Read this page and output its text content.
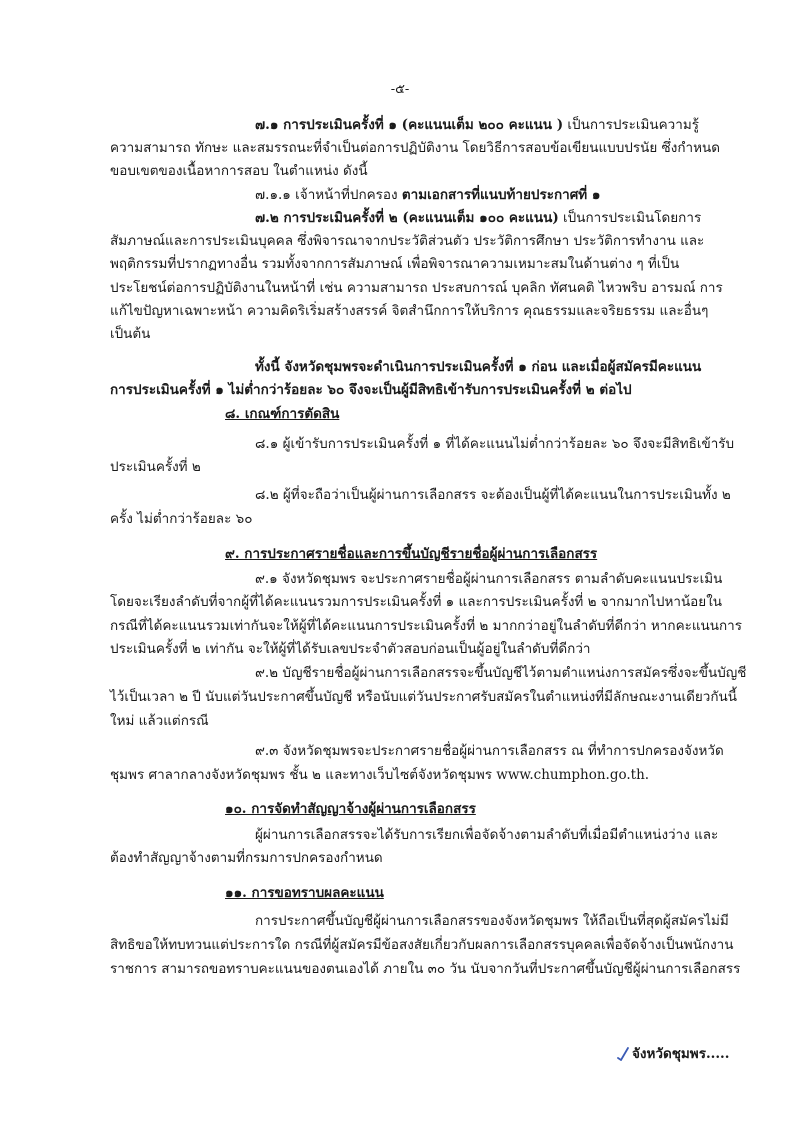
-๕-
๗.๑ การประเมินครั้งที่ ๑ (คะแนนเต็ม ๒๐๐ คะแนน ) เป็นการประเมินความรู้
ความสามารถ ทักษะ และสมรรถนะที่จำเป็นต่อการปฏิบัติงาน โดยวิธีการสอบข้อเขียนแบบปรนัย ซึ่งกำหนด
ขอบเขตของเนื้อหาการสอบ ในตำแหน่ง ดังนี้
๗.๑.๑ เจ้าหน้าที่ปกครอง ตามเอกสารที่แนบท้ายประกาศที่ ๑
๗.๒ การประเมินครั้งที่ ๒ (คะแนนเต็ม ๑๐๐ คะแนน) เป็นการประเมินโดยการ
สัมภาษณ์และการประเมินบุคคล ซึ่งพิจารณาจากประวัติส่วนตัว ประวัติการศึกษา ประวัติการทำงาน และ
พฤติกรรมที่ปรากฏทางอื่น รวมทั้งจากการสัมภาษณ์ เพื่อพิจารณาความเหมาะสมในด้านต่าง ๆ ที่เป็น
ประโยชน์ต่อการปฏิบัติงานในหน้าที่ เช่น ความสามารถ ประสบการณ์ บุคลิก ทัศนคติ ไหวพริบ อารมณ์ การ
แก้ไขปัญหาเฉพาะหน้า ความคิดริเริ่มสร้างสรรค์ จิตสำนึกการให้บริการ คุณธรรมและจริยธรรม และอื่นๆ
เป็นต้น
ทั้งนี้ จังหวัดชุมพรจะดำเนินการประเมินครั้งที่ ๑ ก่อน และเมื่อผู้สมัครมีคะแนน
การประเมินครั้งที่ ๑ ไม่ต่ำกว่าร้อยละ ๖๐ จึงจะเป็นผู้มีสิทธิเข้ารับการประเมินครั้งที่ ๒ ต่อไป
๘. เกณฑ์การตัดสิน
๘.๑ ผู้เข้ารับการประเมินครั้งที่ ๑ ที่ได้คะแนนไม่ต่ำกว่าร้อยละ ๖๐ จึงจะมีสิทธิเข้ารับ
ประเมินครั้งที่ ๒
๘.๒ ผู้ที่จะถือว่าเป็นผู้ผ่านการเลือกสรร จะต้องเป็นผู้ที่ได้คะแนนในการประเมินทั้ง ๒
ครั้ง ไม่ต่ำกว่าร้อยละ ๖๐
๙. การประกาศรายชื่อและการขึ้นบัญชีรายชื่อผู้ผ่านการเลือกสรร
๙.๑ จังหวัดชุมพร จะประกาศรายชื่อผู้ผ่านการเลือกสรร ตามลำดับคะแนนประเมิน
โดยจะเรียงลำดับที่จากผู้ที่ได้คะแนนรวมการประเมินครั้งที่ ๑ และการประเมินครั้งที่ ๒ จากมากไปหาน้อยใน
กรณีที่ได้คะแนนรวมเท่ากันจะให้ผู้ที่ได้คะแนนการประเมินครั้งที่ ๒ มากกว่าอยู่ในลำดับที่ดีกว่า หากคะแนนการ
ประเมินครั้งที่ ๒ เท่ากัน จะให้ผู้ที่ได้รับเลขประจำตัวสอบก่อนเป็นผู้อยู่ในลำดับที่ดีกว่า
๙.๒ บัญชีรายชื่อผู้ผ่านการเลือกสรรจะขึ้นบัญชีไว้ตามตำแหน่งการสมัครซึ่งจะขึ้นบัญชี
ไว้เป็นเวลา ๒ ปี นับแต่วันประกาศขึ้นบัญชี หรือนับแต่วันประกาศรับสมัครในตำแหน่งที่มีลักษณะงานเดียวกันนี้
ใหม่ แล้วแต่กรณี
๙.๓ จังหวัดชุมพรจะประกาศรายชื่อผู้ผ่านการเลือกสรร ณ ที่ทำการปกครองจังหวัด
ชุมพร ศาลากลางจังหวัดชุมพร ชั้น ๒ และทางเว็บไซต์จังหวัดชุมพร www.chumphon.go.th.
๑๐. การจัดทำสัญญาจ้างผู้ผ่านการเลือกสรร
ผู้ผ่านการเลือกสรรจะได้รับการเรียกเพื่อจัดจ้างตามลำดับที่เมื่อมีตำแหน่งว่าง และ
ต้องทำสัญญาจ้างตามที่กรมการปกครองกำหนด
๑๑. การขอทราบผลคะแนน
การประกาศขึ้นบัญชีผู้ผ่านการเลือกสรรของจังหวัดชุมพร ให้ถือเป็นที่สุดผู้สมัครไม่มี
สิทธิขอให้ทบทวนแต่ประการใด กรณีที่ผู้สมัครมีข้อสงสัยเกี่ยวกับผลการเลือกสรรบุคคลเพื่อจัดจ้างเป็นพนักงาน
ราชการ สามารถขอทราบคะแนนของตนเองได้ ภายใน ๓๐ วัน นับจากวันที่ประกาศขึ้นบัญชีผู้ผ่านการเลือกสรร
จังหวัดชุมพร.....
